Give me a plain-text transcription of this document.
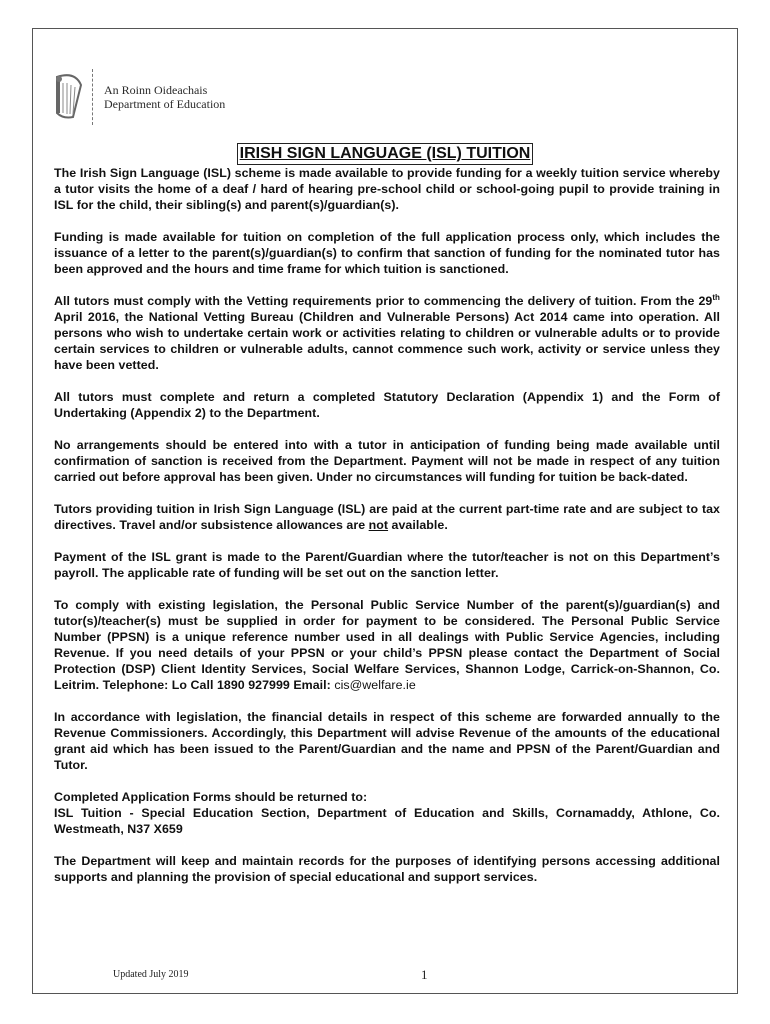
An Roinn Oideachais
Department of Education
IRISH SIGN LANGUAGE (ISL) TUITION

The Irish Sign Language (ISL) scheme is made available to provide funding for a weekly tuition service whereby a tutor visits the home of a deaf / hard of hearing pre-school child or school-going pupil to provide training in ISL for the child, their sibling(s) and parent(s)/guardian(s).

Funding is made available for tuition on completion of the full application process only, which includes the issuance of a letter to the parent(s)/guardian(s) to confirm that sanction of funding for the nominated tutor has been approved and the hours and time frame for which tuition is sanctioned.

All tutors must comply with the Vetting requirements prior to commencing the delivery of tuition. From the 29th April 2016, the National Vetting Bureau (Children and Vulnerable Persons) Act 2014 came into operation. All persons who wish to undertake certain work or activities relating to children or vulnerable adults or to provide certain services to children or vulnerable adults, cannot commence such work, activity or service unless they have been vetted.

All tutors must complete and return a completed Statutory Declaration (Appendix 1) and the Form of Undertaking (Appendix 2) to the Department.

No arrangements should be entered into with a tutor in anticipation of funding being made available until confirmation of sanction is received from the Department. Payment will not be made in respect of any tuition carried out before approval has been given. Under no circumstances will funding for tuition be back-dated.

Tutors providing tuition in Irish Sign Language (ISL) are paid at the current part-time rate and are subject to tax directives. Travel and/or subsistence allowances are not available.

Payment of the ISL grant is made to the Parent/Guardian where the tutor/teacher is not on this Department’s payroll. The applicable rate of funding will be set out on the sanction letter.

To comply with existing legislation, the Personal Public Service Number of the parent(s)/guardian(s) and tutor(s)/teacher(s) must be supplied in order for payment to be considered. The Personal Public Service Number (PPSN) is a unique reference number used in all dealings with Public Service Agencies, including Revenue. If you need details of your PPSN or your child’s PPSN please contact the Department of Social Protection (DSP) Client Identity Services, Social Welfare Services, Shannon Lodge, Carrick-on-Shannon, Co. Leitrim. Telephone: Lo Call 1890 927999 Email: cis@welfare.ie

In accordance with legislation, the financial details in respect of this scheme are forwarded annually to the Revenue Commissioners. Accordingly, this Department will advise Revenue of the amounts of the educational grant aid which has been issued to the Parent/Guardian and the name and PPSN of the Parent/Guardian and Tutor.

Completed Application Forms should be returned to:
ISL Tuition - Special Education Section, Department of Education and Skills, Cornamaddy, Athlone, Co. Westmeath, N37 X659

The Department will keep and maintain records for the purposes of identifying persons accessing additional supports and planning the provision of special educational and support services.

Updated July 2019	1
